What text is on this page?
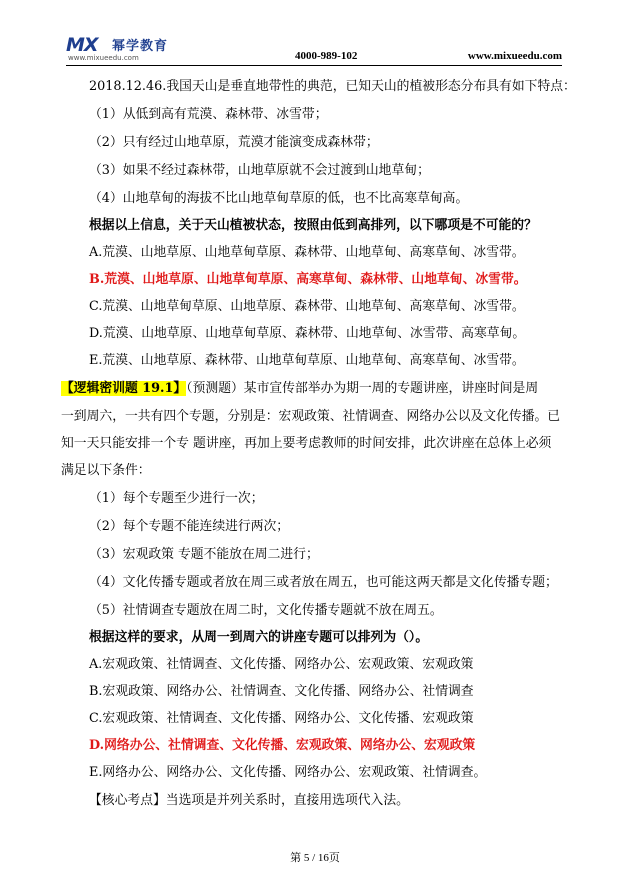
MX 幂学教育
www.mixueedu.com	4000-989-102	www.mixueedu.com
2018.12.46.我国天山是垂直地带性的典范，已知天山的植被形态分布具有如下特点：
（1）从低到高有荒漠、森林带、冰雪带；
（2）只有经过山地草原，荒漠才能演变成森林带；
（3）如果不经过森林带，山地草原就不会过渡到山地草甸；
（4）山地草甸的海拔不比山地草甸草原的低，也不比高寒草甸高。
根据以上信息，关于天山植被状态，按照由低到高排列，以下哪项是不可能的？
A.荒漠、山地草原、山地草甸草原、森林带、山地草甸、高寒草甸、冰雪带。
B.荒漠、山地草原、山地草甸草原、高寒草甸、森林带、山地草甸、冰雪带。
C.荒漠、山地草甸草原、山地草原、森林带、山地草甸、高寒草甸、冰雪带。
D.荒漠、山地草原、山地草甸草原、森林带、山地草甸、冰雪带、高寒草甸。
E.荒漠、山地草原、森林带、山地草甸草原、山地草甸、高寒草甸、冰雪带。
【逻辑密训题 19.1】（预测题）某市宣传部举办为期一周的专题讲座，讲座时间是周
一到周六，一共有四个专题，分别是：宏观政策、社情调查、网络办公以及文化传播。已
知一天只能安排一个专 题讲座，再加上要考虑教师的时间安排，此次讲座在总体上必须
满足以下条件：
（1）每个专题至少进行一次；
（2）每个专题不能连续进行两次；
（3）宏观政策 专题不能放在周二进行；
（4）文化传播专题或者放在周三或者放在周五，也可能这两天都是文化传播专题；
（5）社情调查专题放在周二时，文化传播专题就不放在周五。
根据这样的要求，从周一到周六的讲座专题可以排列为（）。
A.宏观政策、社情调查、文化传播、网络办公、宏观政策、宏观政策
B.宏观政策、网络办公、社情调查、文化传播、网络办公、社情调查
C.宏观政策、社情调查、文化传播、网络办公、文化传播、宏观政策
D.网络办公、社情调查、文化传播、宏观政策、网络办公、宏观政策
E.网络办公、网络办公、文化传播、网络办公、宏观政策、社情调查。
【核心考点】当选项是并列关系时，直接用选项代入法。
第 5 / 16页
